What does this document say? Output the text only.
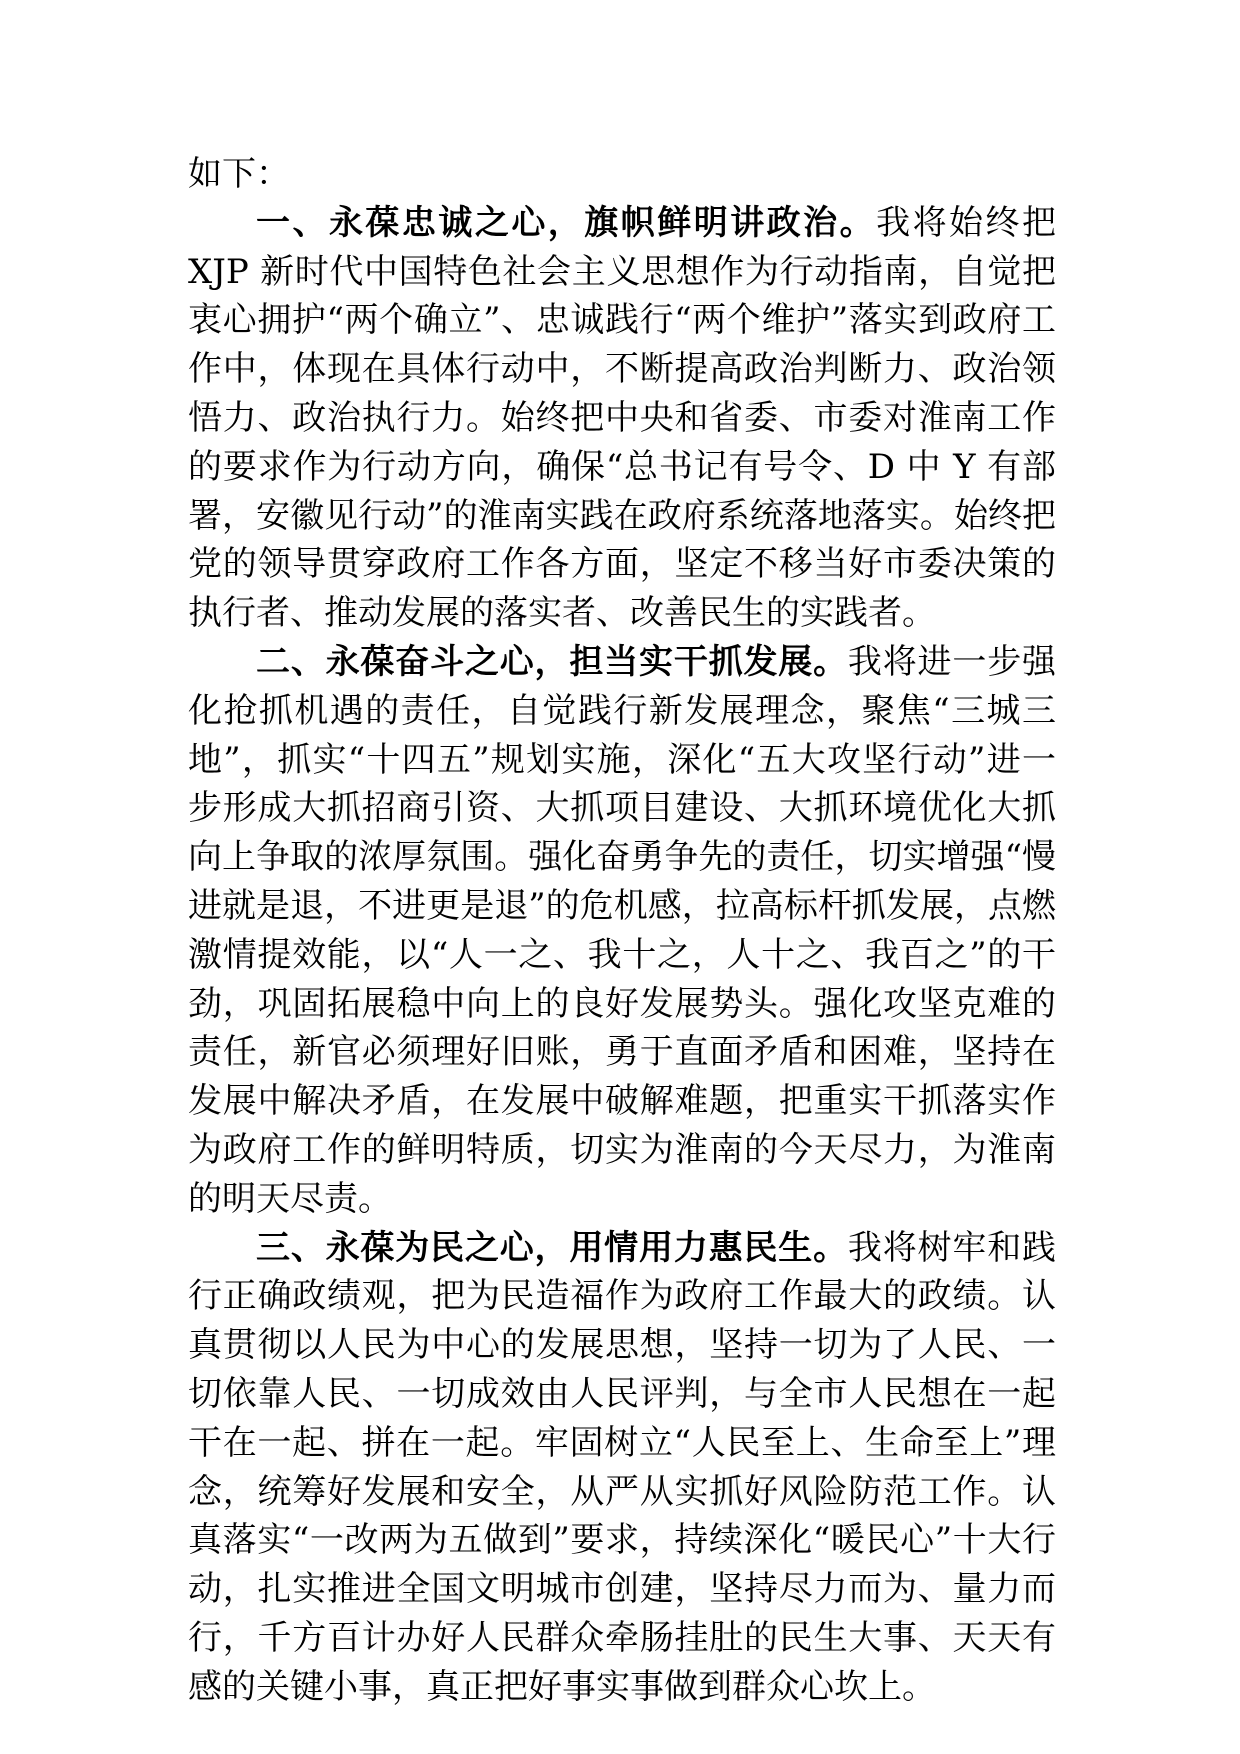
如下：

一、永葆忠诚之心，旗帜鲜明讲政治。我将始终把 XJP 新时代中国特色社会主义思想作为行动指南，自觉把衷心拥护“两个确立”、忠诚践行“两个维护”落实到政府工作中，体现在具体行动中，不断提高政治判断力、政治领悟力、政治执行力。始终把中央和省委、市委对淮南工作的要求作为行动方向，确保“总书记有号令、D 中 Y 有部署，安徽见行动”的淮南实践在政府系统落地落实。始终把党的领导贯穿政府工作各方面，坚定不移当好市委决策的执行者、推动发展的落实者、改善民生的实践者。

二、永葆奋斗之心，担当实干抓发展。我将进一步强化抢抓机遇的责任，自觉践行新发展理念，聚焦“三城三地”，抓实“十四五”规划实施，深化“五大攻坚行动”进一步形成大抓招商引资、大抓项目建设、大抓环境优化大抓向上争取的浓厚氛围。强化奋勇争先的责任，切实增强“慢进就是退，不进更是退”的危机感，拉高标杆抓发展，点燃激情提效能，以“人一之、我十之，人十之、我百之”的干劲，巩固拓展稳中向上的良好发展势头。强化攻坚克难的责任，新官必须理好旧账，勇于直面矛盾和困难，坚持在发展中解决矛盾，在发展中破解难题，把重实干抓落实作为政府工作的鲜明特质，切实为淮南的今天尽力，为淮南的明天尽责。

三、永葆为民之心，用情用力惠民生。我将树牢和践行正确政绩观，把为民造福作为政府工作最大的政绩。认真贯彻以人民为中心的发展思想，坚持一切为了人民、一切依靠人民、一切成效由人民评判，与全市人民想在一起干在一起、拼在一起。牢固树立“人民至上、生命至上”理念，统筹好发展和安全，从严从实抓好风险防范工作。认真落实“一改两为五做到”要求，持续深化“暖民心”十大行动，扎实推进全国文明城市创建，坚持尽力而为、量力而行，千方百计办好人民群众牵肠挂肚的民生大事、天天有感的关键小事，真正把好事实事做到群众心坎上。
